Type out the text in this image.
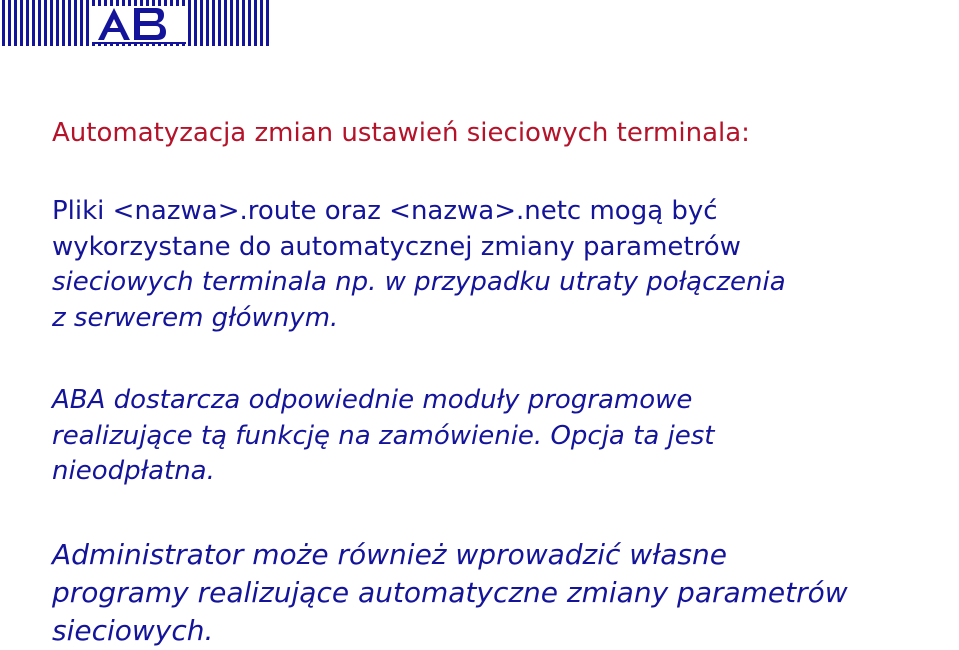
Automatyzacja zmian ustawień sieciowych terminala:
Pliki <nazwa>.route oraz <nazwa>.netc mogą być
wykorzystane do automatycznej zmiany parametrów
sieciowych terminala np. w przypadku utraty połączenia
z serwerem głównym.
ABA dostarcza odpowiednie moduły programowe
realizujące tą funkcję na zamówienie. Opcja ta jest
nieodpłatna.
Administrator może również wprowadzić własne
programy realizujące automatyczne zmiany parametrów
sieciowych.
